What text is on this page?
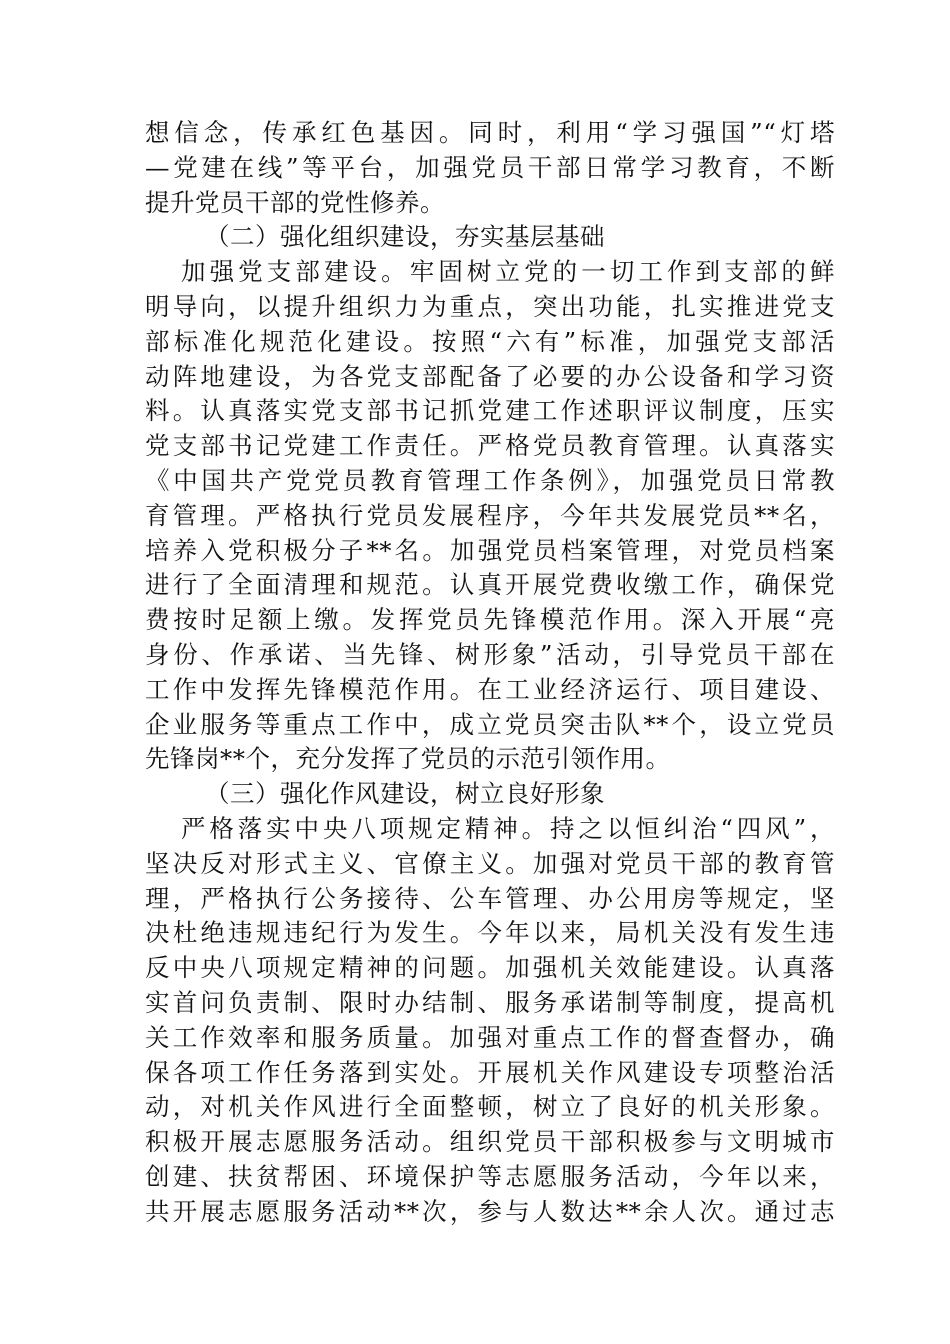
想信念，传承红色基因。同时，利用“学习强国”“灯塔
—党建在线”等平台，加强党员干部日常学习教育，不断
提升党员干部的党性修养。
（二）强化组织建设，夯实基层基础
加强党支部建设。牢固树立党的一切工作到支部的鲜
明导向，以提升组织力为重点，突出功能，扎实推进党支
部标准化规范化建设。按照“六有”标准，加强党支部活
动阵地建设，为各党支部配备了必要的办公设备和学习资
料。认真落实党支部书记抓党建工作述职评议制度，压实
党支部书记党建工作责任。严格党员教育管理。认真落实
《中国共产党党员教育管理工作条例》，加强党员日常教
育管理。严格执行党员发展程序，今年共发展党员**名，
培养入党积极分子**名。加强党员档案管理，对党员档案
进行了全面清理和规范。认真开展党费收缴工作，确保党
费按时足额上缴。发挥党员先锋模范作用。深入开展“亮
身份、作承诺、当先锋、树形象”活动，引导党员干部在
工作中发挥先锋模范作用。在工业经济运行、项目建设、
企业服务等重点工作中，成立党员突击队**个，设立党员
先锋岗**个，充分发挥了党员的示范引领作用。
（三）强化作风建设，树立良好形象
严格落实中央八项规定精神。持之以恒纠治“四风”，
坚决反对形式主义、官僚主义。加强对党员干部的教育管
理，严格执行公务接待、公车管理、办公用房等规定，坚
决杜绝违规违纪行为发生。今年以来，局机关没有发生违
反中央八项规定精神的问题。加强机关效能建设。认真落
实首问负责制、限时办结制、服务承诺制等制度，提高机
关工作效率和服务质量。加强对重点工作的督查督办，确
保各项工作任务落到实处。开展机关作风建设专项整治活
动，对机关作风进行全面整顿，树立了良好的机关形象。
积极开展志愿服务活动。组织党员干部积极参与文明城市
创建、扶贫帮困、环境保护等志愿服务活动，今年以来，
共开展志愿服务活动**次，参与人数达**余人次。通过志
